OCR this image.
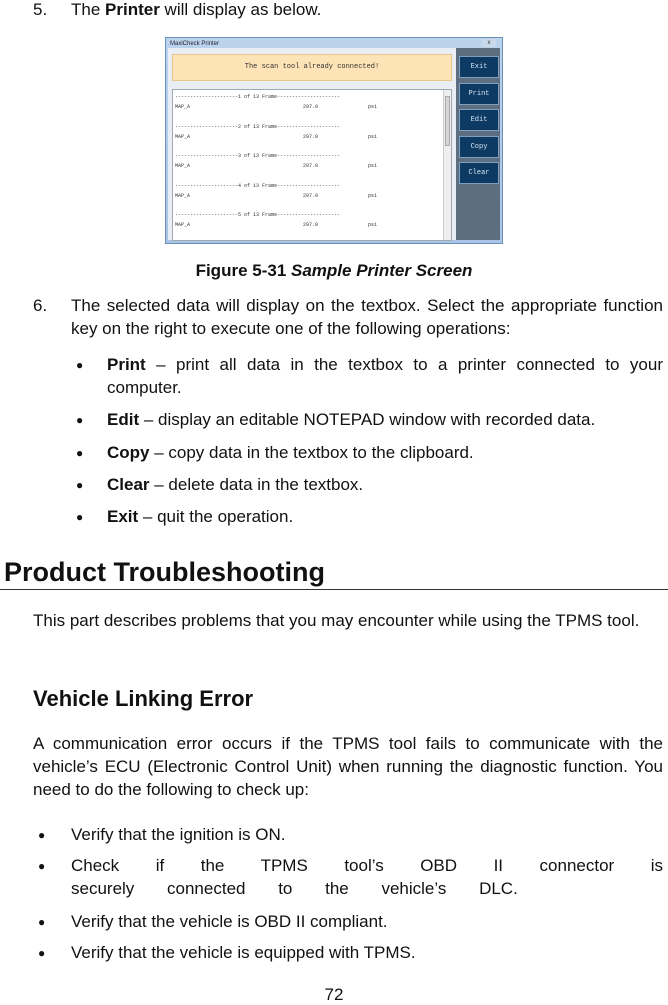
5. The Printer will display as below.
MaxiCheck Printer	x
The scan tool already connected!
---------------------1 of 13 Frame---------------------
MAP_A	297.0	psi
---------------------2 of 13 Frame---------------------
MAP_A	297.0	psi
---------------------3 of 13 Frame---------------------
MAP_A	297.0	psi
---------------------4 of 13 Frame---------------------
MAP_A	297.0	psi
---------------------5 of 13 Frame---------------------
MAP_A	297.0	psi
Exit
Print
Edit
Copy
Clear
Figure 5-31 Sample Printer Screen
6. The selected data will display on the textbox. Select the appropriate function key on the right to execute one of the following operations:
● Print – print all data in the textbox to a printer connected to your computer.
● Edit – display an editable NOTEPAD window with recorded data.
● Copy – copy data in the textbox to the clipboard.
● Clear – delete data in the textbox.
● Exit – quit the operation.
Product Troubleshooting
This part describes problems that you may encounter while using the TPMS tool.
Vehicle Linking Error
A communication error occurs if the TPMS tool fails to communicate with the vehicle’s ECU (Electronic Control Unit) when running the diagnostic function. You need to do the following to check up:
● Verify that the ignition is ON.
● Check if the TPMS tool’s OBD II connector is securely connected to the vehicle’s DLC.
● Verify that the vehicle is OBD II compliant.
● Verify that the vehicle is equipped with TPMS.
72
